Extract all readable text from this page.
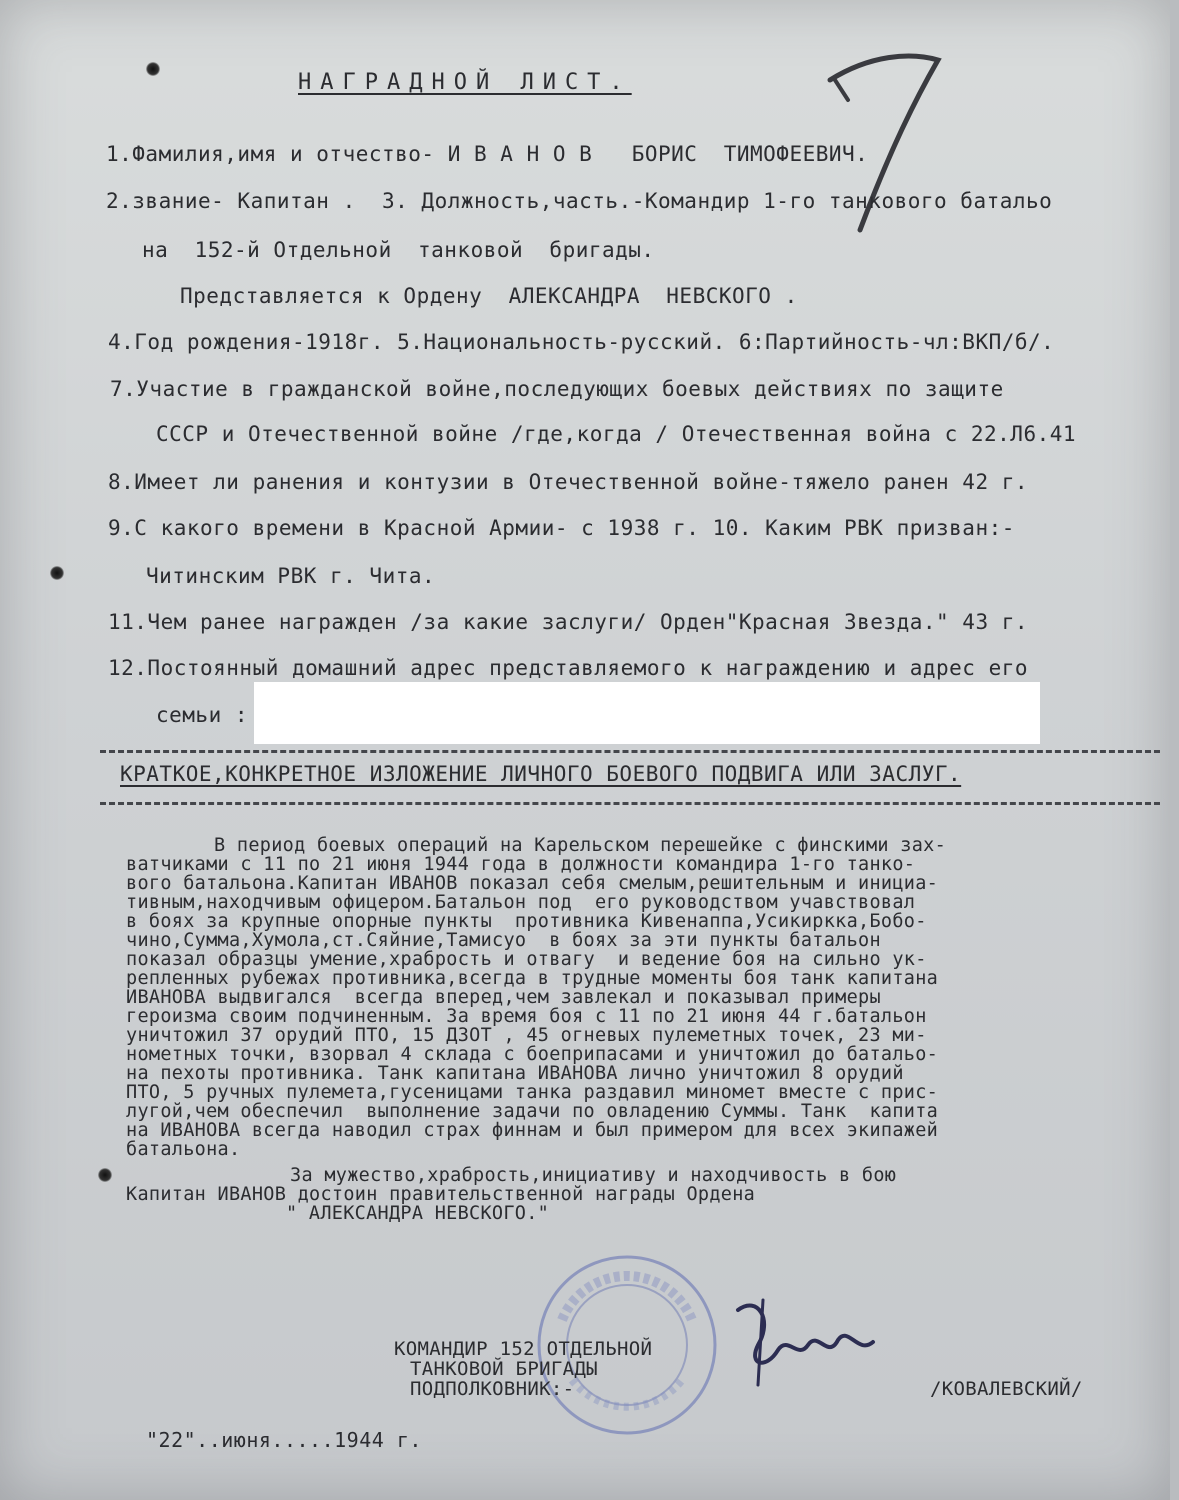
НАГРАДНОЙ ЛИСТ.
1.Фамилия,имя и отчество- И В А Н О В   БОРИС  ТИМОФЕЕВИЧ.
2.звание- Капитан .  3. Должность,часть.-Командир 1-го танкового батальо
на  152-й Отдельной  танковой  бригады.
Представляется к Ордену  АЛЕКСАНДРА  НЕВСКОГО .
4.Год рождения-1918г. 5.Национальность-русский. 6:Партийность-чл:ВКП/б/.
7.Участие в гражданской войне,последующих боевых действиях по защите
СССР и Отечественной войне /где,когда / Отечественная война с 22.Л6.41
8.Имеет ли ранения и контузии в Отечественной войне-тяжело ранен 42 г.
9.С какого времени в Красной Армии- с 1938 г. 10. Каким РВК призван:-
Читинским РВК г. Чита.
11.Чем ранее награжден /за какие заслуги/ Орден"Красная Звезда." 43 г.
12.Постоянный домашний адрес представляемого к награждению и адрес его
семьи :
КРАТКОЕ,КОНКРЕТНОЕ ИЗЛОЖЕНИЕ ЛИЧНОГО БОЕВОГО ПОДВИГА ИЛИ ЗАСЛУГ.
В период боевых операций на Карельском перешейке с финскими зах-
ватчиками с 11 по 21 июня 1944 года в должности командира 1-го танко-
вого батальона.Капитан ИВАНОВ показал себя смелым,решительным и инициа-
тивным,находчивым офицером.Батальон под  его руководством учавствовал
в боях за крупные опорные пункты  противника Кивенаппа,Усикиркка,Бобо-
чино,Сумма,Хумола,ст.Сяйние,Тамисуо  в боях за эти пункты батальон
показал образцы умение,храбрость и отвагу  и ведение боя на сильно ук-
репленных рубежах противника,всегда в трудные моменты боя танк капитана
ИВАНОВА выдвигался  всегда вперед,чем завлекал и показывал примеры
героизма своим подчиненным. За время боя с 11 по 21 июня 44 г.батальон
уничтожил 37 орудий ПТО, 15 ДЗОТ , 45 огневых пулеметных точек, 23 ми-
нометных точки, взорвал 4 склада с боеприпасами и уничтожил до батальо-
на пехоты противника. Танк капитана ИВАНОВА лично уничтожил 8 орудий
ПТО, 5 ручных пулемета,гусеницами танка раздавил миномет вместе с прис-
лугой,чем обеспечил  выполнение задачи по овладению Суммы. Танк  капита
на ИВАНОВА всегда наводил страх финнам и был примером для всех экипажей
батальона.
За мужество,храбрость,инициативу и находчивость в бою
Капитан ИВАНОВ достоин правительственной награды Ордена
" АЛЕКСАНДРА НЕВСКОГО."
КОМАНДИР 152 ОТДЕЛЬНОЙ
ТАНКОВОЙ БРИГАДЫ
ПОДПОЛКОВНИК:-	/КОВАЛЕВСКИЙ/
"22"..июня.....1944 г.
